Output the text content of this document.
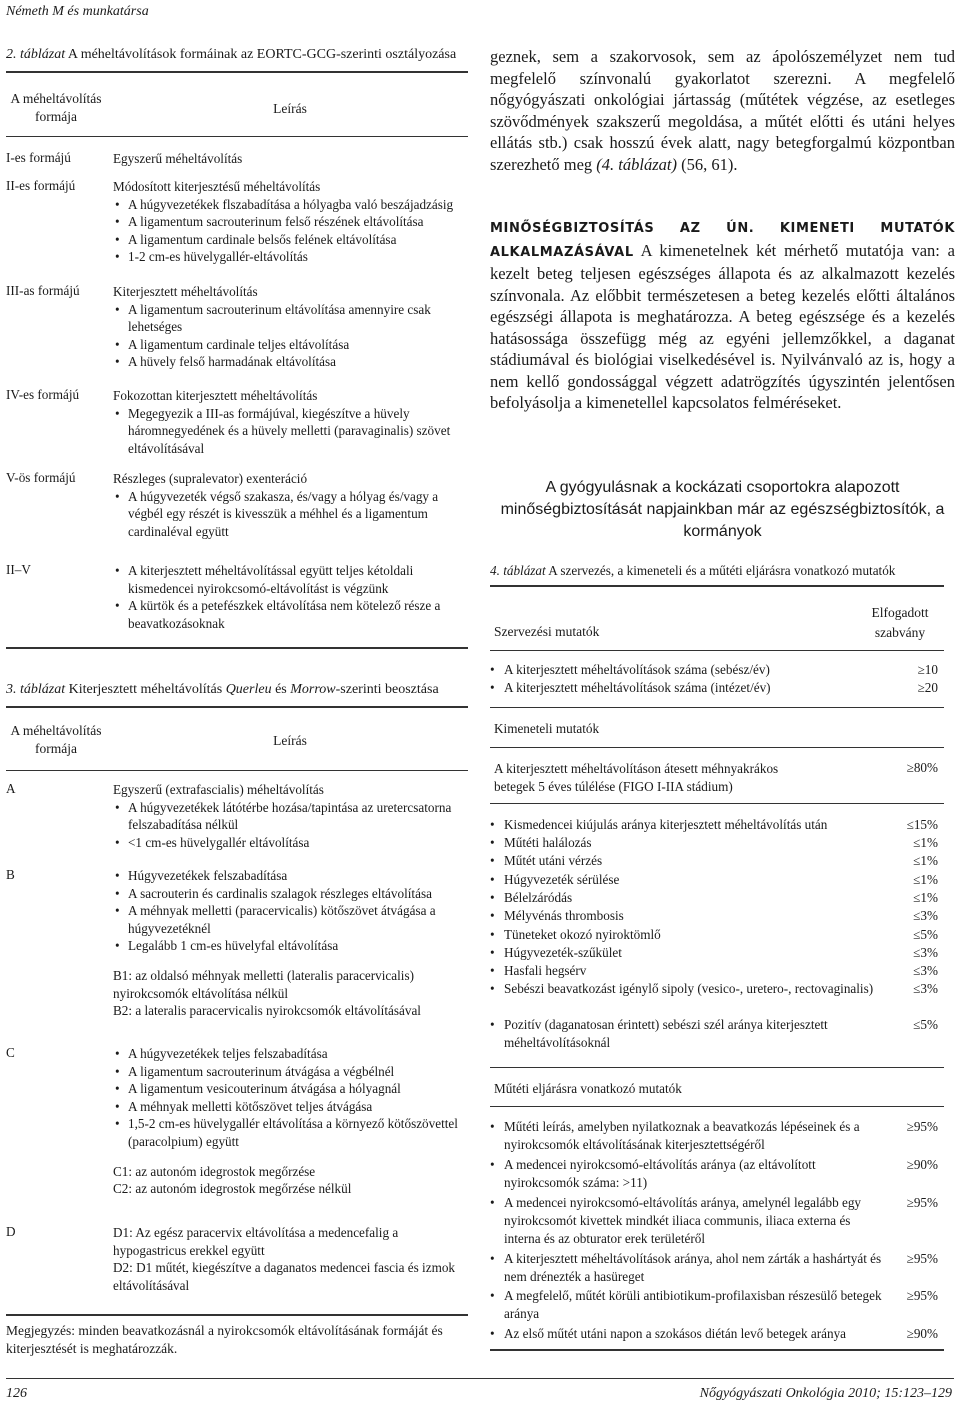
Németh M és munkatársa
2. táblázat A méheltávolítások formáinak az EORTC-GCG-szerinti osztályozása
A méheltávolítás formája
Leírás
I-es formájú	Egyszerű méheltávolítás
II-es formájú	Módosított kiterjesztésű méheltávolítás
• A húgyvezetékek flszabadítása a hólyagba való beszájadzásig
• A ligamentum sacrouterinum felső részének eltávolítása
• A ligamentum cardinale belsős felének eltávolítása
• 1-2 cm-es hüvelygallér-eltávolítás
III-as formájú	Kiterjesztett méheltávolítás
• A ligamentum sacrouterinum eltávolítása amennyire csak lehetséges
• A ligamentum cardinale teljes eltávolítása
• A hüvely felső harmadának eltávolítása
IV-es formájú	Fokozottan kiterjesztett méheltávolítás
• Megegyezik a III-as formájúval, kiegészítve a hüvely háromnegyedének és a hüvely melletti (paravaginalis) szövet eltávolításával
V-ös formájú	Részleges (supralevator) exenteráció
• A húgyvezeték végső szakasza, és/vagy a hólyag és/vagy a végbél egy részét is kivesszük a méhhel és a ligamentum cardinaléval együtt
II–V	• A kiterjesztett méheltávolítással együtt teljes kétoldali kismedencei nyirokcsomó-eltávolítást is végzünk
• A kürtök és a petefészkek eltávolítása nem kötelező része a beavatkozásoknak
3. táblázat Kiterjesztett méheltávolítás Querleu és Morrow-szerinti beosztása
A méheltávolítás formája
Leírás
A	Egyszerű (extrafascialis) méheltávolítás
• A húgyvezetékek látótérbe hozása/tapintása az uretercsatorna felszabadítása nélkül
• <1 cm-es hüvelygallér eltávolítása
B	• Húgyvezetékek felszabadítása
• A sacrouterin és cardinalis szalagok részleges eltávolítása
• A méhnyak melletti (paracervicalis) kötőszövet átvágása a húgyvezetéknél
• Legalább 1 cm-es hüvelyfal eltávolítása
B1: az oldalsó méhnyak melletti (lateralis paracervicalis) nyirokcsomók eltávolítása nélkül
B2: a lateralis paracervicalis nyirokcsomók eltávolításával
C	• A húgyvezetékek teljes felszabadítása
• A ligamentum sacrouterinum átvágása a végbélnél
• A ligamentum vesicouterinum átvágása a hólyagnál
• A méhnyak melletti kötőszövet teljes átvágása
• 1,5-2 cm-es hüvelygallér eltávolítása a környező kötőszövettel (paracolpium) együtt
C1: az autonóm idegrostok megőrzése
C2: az autonóm idegrostok megőrzése nélkül
D	D1: Az egész paracervix eltávolítása a medencefalig a hypogastricus erekkel együtt
D2: D1 műtét, kiegészítve a daganatos medencei fascia és izmok eltávolításával
Megjegyzés: minden beavatkozásnál a nyirokcsomók eltávolításának formáját és kiterjesztését is meghatározzák.
geznek, sem a szakorvosok, sem az ápolószemélyzet nem tud megfelelő színvonalú gyakorlatot szerezni. A megfelelő nőgyógyászati onkológiai jártasság (műtétek végzése, az esetleges szövődmények szakszerű megoldása, a műtét előtti és utáni helyes ellátás stb.) csak hosszú évek alatt, nagy betegforgalmú központban szerezhető meg (4. táblázat) (56, 61).
MINŐSÉGBIZTOSÍTÁS AZ ÚN. KIMENETI MUTATÓK ALKALMAZÁSÁVAL A kimenetelnek két mérhető mutatója van: a kezelt beteg teljesen egészséges állapota és az alkalmazott kezelés színvonala. Az előbbit természetesen a beteg kezelés előtti általános egészségi állapota is meghatározza. A beteg egészsége és a kezelés hatásossága összefügg még az egyéni jellemzőkkel, a daganat stádiumával és biológiai viselkedésével is. Nyilvánvaló az is, hogy a nem kellő gondossággal végzett adatrögzítés úgyszintén jelentősen befolyásolja a kimenetellel kapcsolatos felméréseket.
A gyógyulásnak a kockázati csoportokra alapozott minőségbiztosítását napjainkban már az egészségbiztosítók, a kormányok
4. táblázat A szervezés, a kimeneteli és a műtéti eljárásra vonatkozó mutatók
Szervezési mutatók
Elfogadott szabvány
• A kiterjesztett méheltávolítások száma (sebész/év)	≥10
• A kiterjesztett méheltávolítások száma (intézet/év)	≥20
Kimeneteli mutatók
A kiterjesztett méheltávolításon átesett méhnyakrákos betegek 5 éves túlélése (FIGO I-IIA stádium)
≥80%
• Kismedencei kiújulás aránya kiterjesztett méheltávolítás után	≤15%
• Műtéti halálozás	≤1%
• Műtét utáni vérzés	≤1%
• Húgyvezeték sérülése	≤1%
• Bélelzáródás	≤1%
• Mélyvénás thrombosis	≤3%
• Tüneteket okozó nyiroktömlő	≤5%
• Húgyvezeték-szűkület	≤3%
• Hasfali hegsérv	≤3%
• Sebészi beavatkozást igénylő sipoly (vesico-, uretero-, rectovaginalis)	≤3%
• Pozitív (daganatosan érintett) sebészi szél aránya kiterjesztett méheltávolításoknál
≤5%
Műtéti eljárásra vonatkozó mutatók
• Műtéti leírás, amelyben nyilatkoznak a beavatkozás lépéseinek és a nyirokcsomók eltávolításának kiterjesztettségéről
≥95%
• A medencei nyirokcsomó-eltávolítás aránya (az eltávolított nyirokcsomók száma: >11)
≥90%
• A medencei nyirokcsomó-eltávolítás aránya, amelynél legalább egy nyirokcsomót kivettek mindkét iliaca communis, iliaca externa és interna és az obturator erek területéről
≥95%
• A kiterjesztett méheltávolítások aránya, ahol nem zárták a hashártyát és nem drénezték a hasüreget
≥95%
• A megfelelő, műtét körüli antibiotikum-profilaxisban részesülő betegek aránya
≥95%
• Az első műtét utáni napon a szokásos diétán levő betegek aránya	≥90%
126	Nőgyógyászati Onkológia 2010; 15:123–129
